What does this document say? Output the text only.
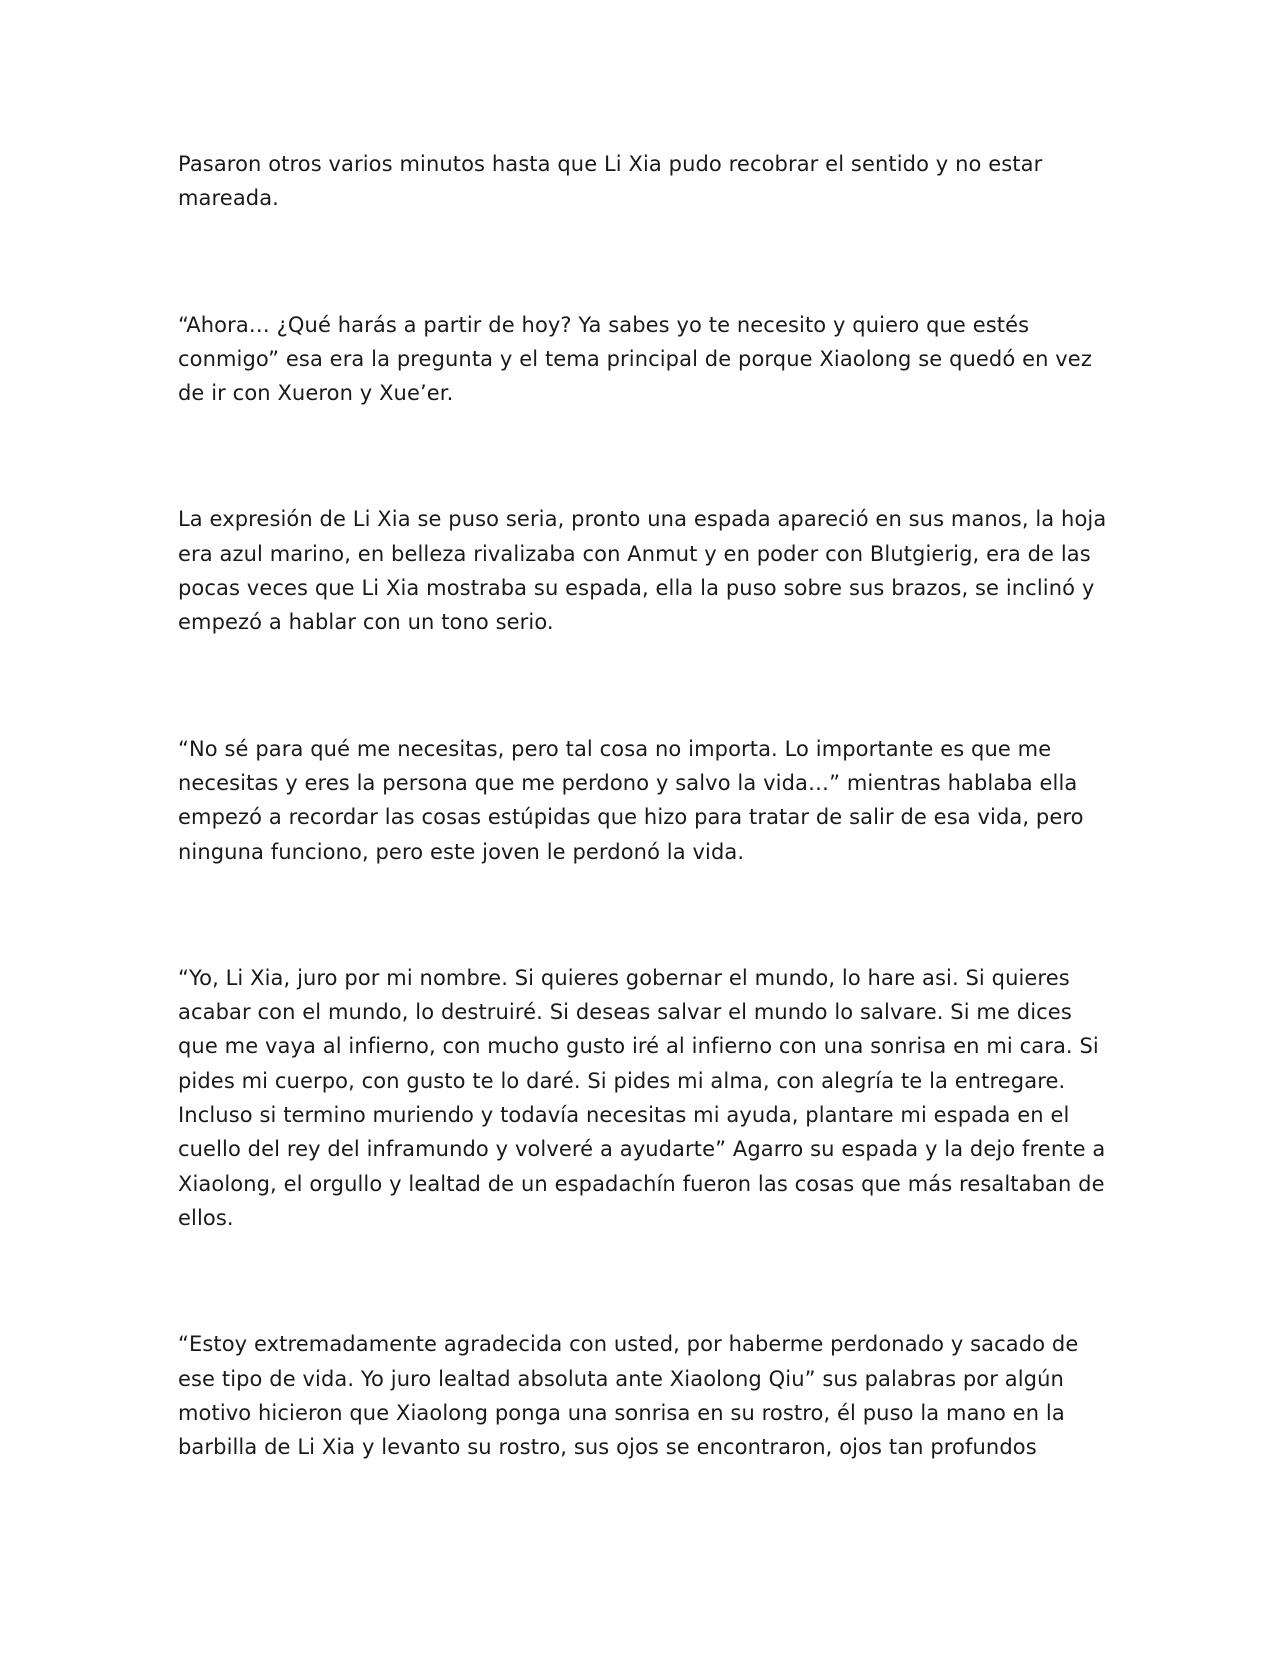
Pasaron otros varios minutos hasta que Li Xia pudo recobrar el sentido y no estar mareada.

“Ahora… ¿Qué harás a partir de hoy? Ya sabes yo te necesito y quiero que estés conmigo” esa era la pregunta y el tema principal de porque Xiaolong se quedó en vez de ir con Xueron y Xue’er.

La expresión de Li Xia se puso seria, pronto una espada apareció en sus manos, la hoja era azul marino, en belleza rivalizaba con Anmut y en poder con Blutgierig, era de las pocas veces que Li Xia mostraba su espada, ella la puso sobre sus brazos, se inclinó y empezó a hablar con un tono serio.

“No sé para qué me necesitas, pero tal cosa no importa. Lo importante es que me necesitas y eres la persona que me perdono y salvo la vida…” mientras hablaba ella empezó a recordar las cosas estúpidas que hizo para tratar de salir de esa vida, pero ninguna funciono, pero este joven le perdonó la vida.

“Yo, Li Xia, juro por mi nombre. Si quieres gobernar el mundo, lo hare asi. Si quieres acabar con el mundo, lo destruiré. Si deseas salvar el mundo lo salvare. Si me dices que me vaya al infierno, con mucho gusto iré al infierno con una sonrisa en mi cara. Si pides mi cuerpo, con gusto te lo daré. Si pides mi alma, con alegría te la entregare. Incluso si termino muriendo y todavía necesitas mi ayuda, plantare mi espada en el cuello del rey del inframundo y volveré a ayudarte” Agarro su espada y la dejo frente a Xiaolong, el orgullo y lealtad de un espadachín fueron las cosas que más resaltaban de ellos.

“Estoy extremadamente agradecida con usted, por haberme perdonado y sacado de ese tipo de vida. Yo juro lealtad absoluta ante Xiaolong Qiu” sus palabras por algún motivo hicieron que Xiaolong ponga una sonrisa en su rostro, él puso la mano en la barbilla de Li Xia y levanto su rostro, sus ojos se encontraron, ojos tan profundos
